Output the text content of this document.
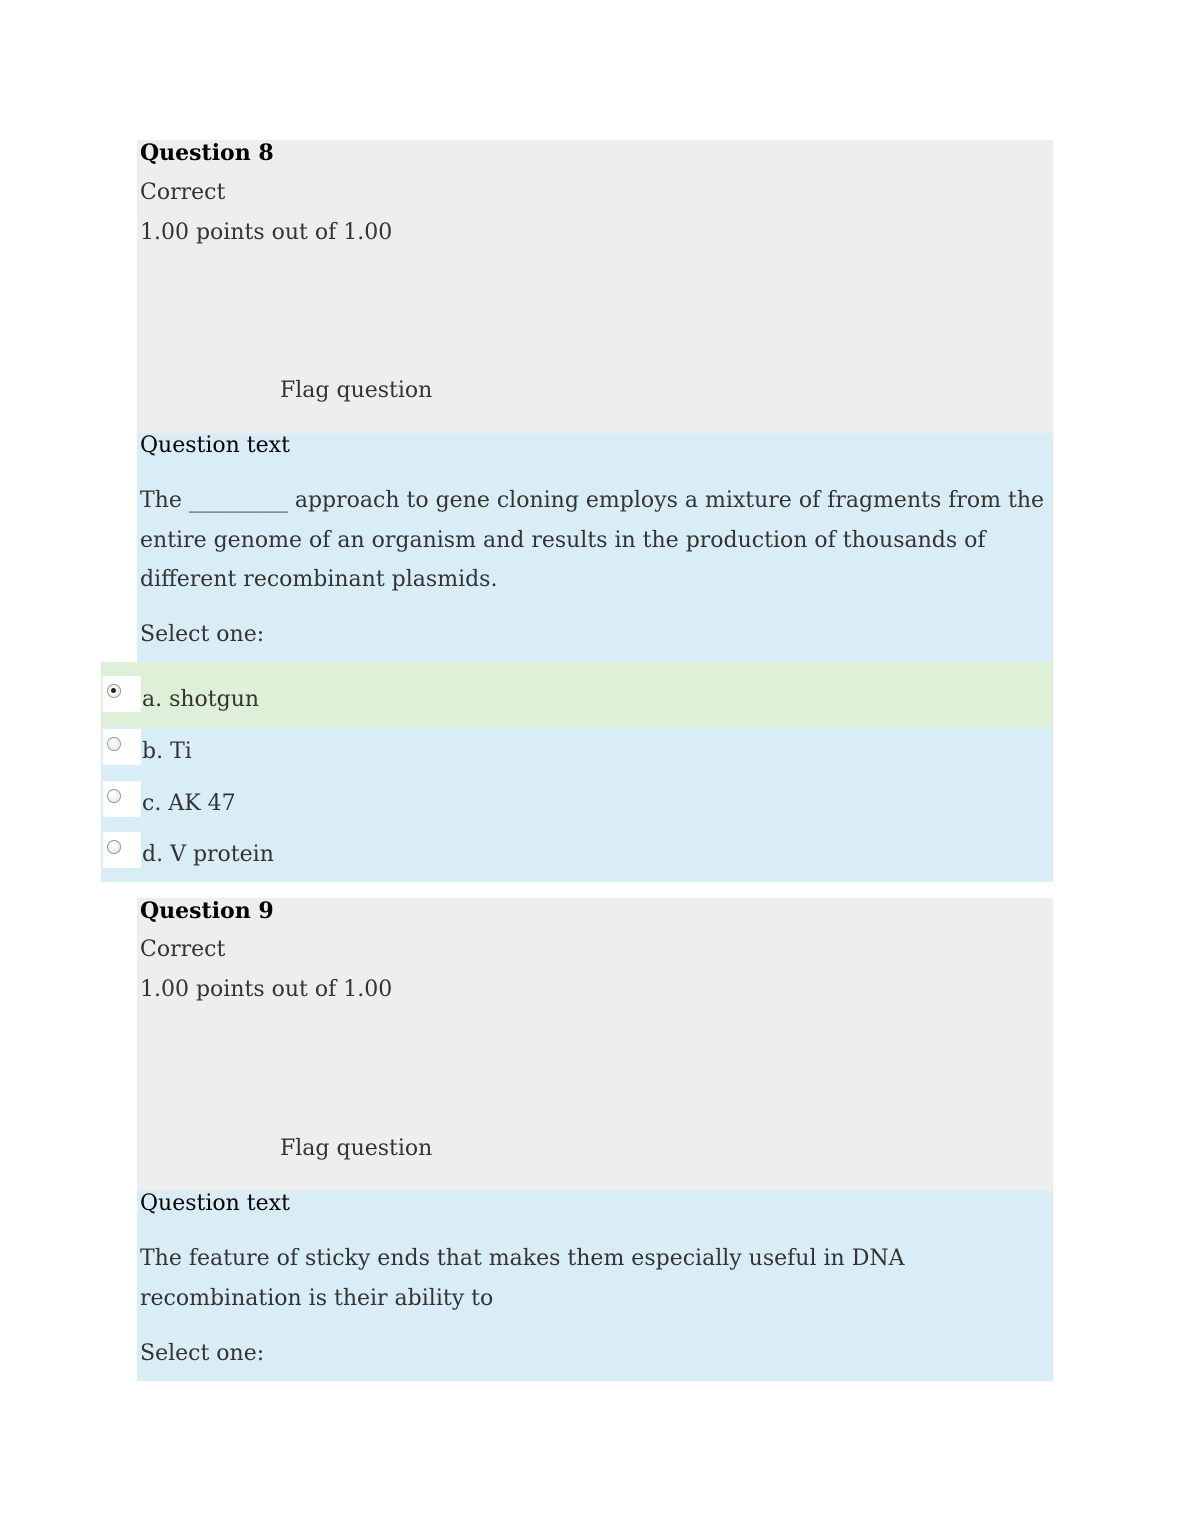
Question 8
Correct
1.00 points out of 1.00
Flag question
Question text
The _________ approach to gene cloning employs a mixture of fragments from the entire genome of an organism and results in the production of thousands of different recombinant plasmids.
Select one:
a. shotgun
b. Ti
c. AK 47
d. V protein
Question 9
Correct
1.00 points out of 1.00
Flag question
Question text
The feature of sticky ends that makes them especially useful in DNA recombination is their ability to
Select one:
